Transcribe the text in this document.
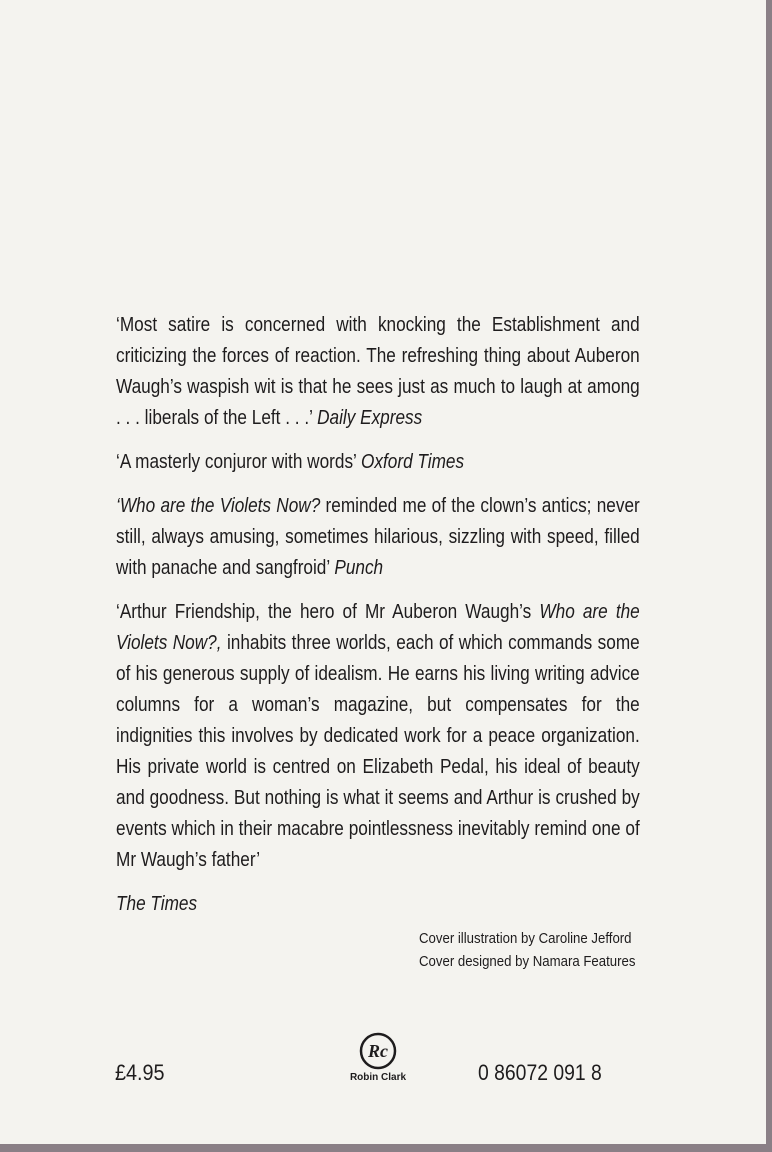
‘Most satire is concerned with knocking the Establishment and criticizing the forces of reaction. The refreshing thing about Auberon Waugh’s waspish wit is that he sees just as much to laugh at among . . . liberals of the Left . . .’ Daily Express

‘A masterly conjuror with words’ Oxford Times

‘Who are the Violets Now? reminded me of the clown’s antics; never still, always amusing, sometimes hilarious, sizzling with speed, filled with panache and sangfroid’ Punch

‘Arthur Friendship, the hero of Mr Auberon Waugh’s Who are the Violets Now?, inhabits three worlds, each of which commands some of his generous supply of idealism. He earns his living writing advice columns for a woman’s magazine, but compensates for the indignities this involves by dedicated work for a peace organization. His private world is centred on Elizabeth Pedal, his ideal of beauty and goodness. But nothing is what it seems and Arthur is crushed by events which in their macabre pointlessness inevitably remind one of Mr Waugh’s father’

The Times

Cover illustration by Caroline Jefford
Cover designed by Namara Features
£4.95
Rc
Robin Clark	0 86072 091 8
